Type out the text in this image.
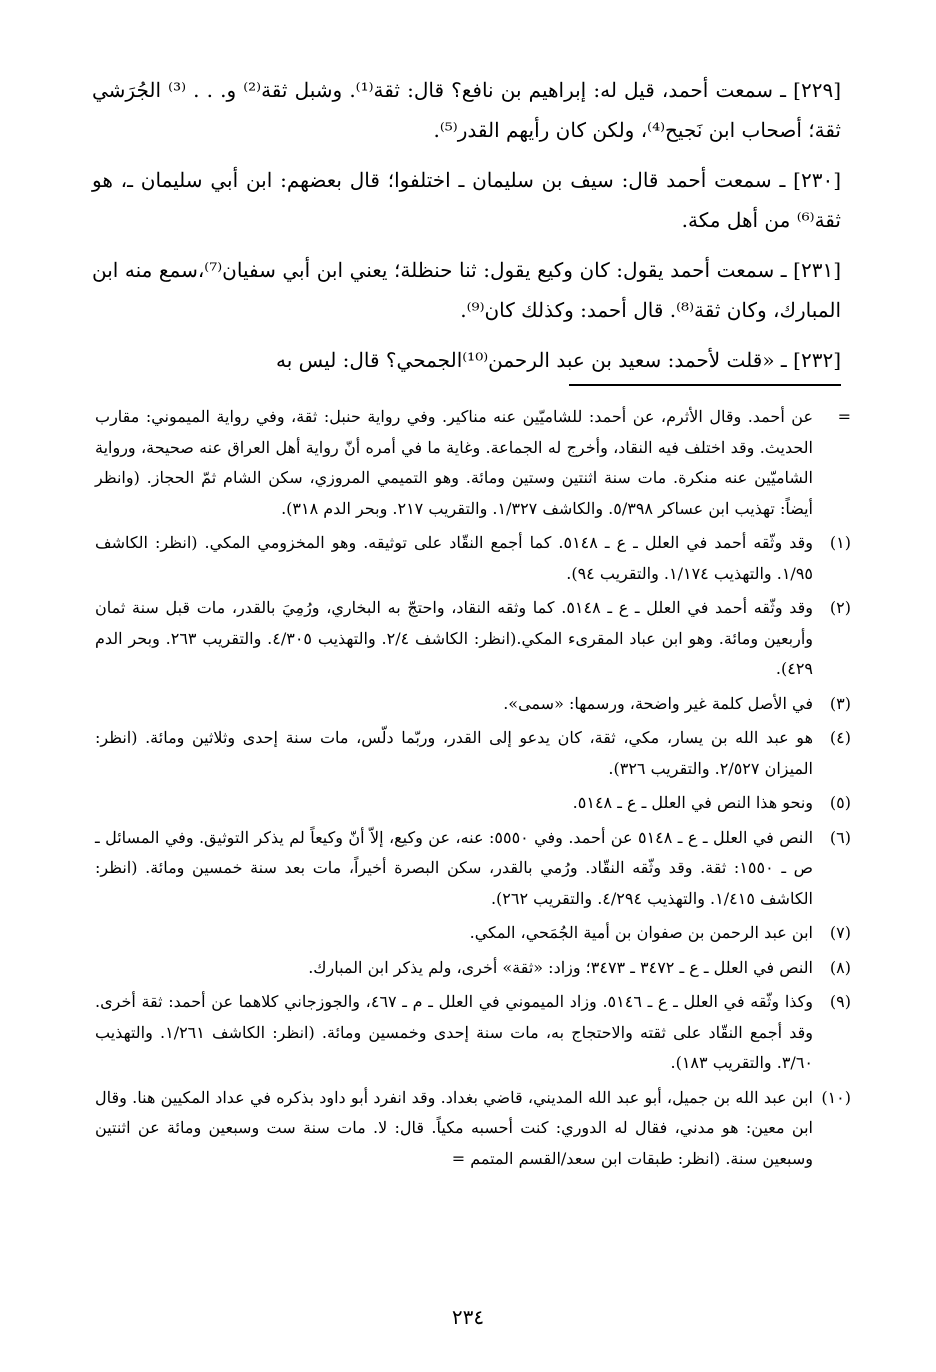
[٢٢٩] ـ سمعت أحمد، قيل له: إبراهيم بن نافع؟ قال: ثقة⁽¹⁾. وشبل ثقة⁽²⁾ و. . . ⁽³⁾ الجُرَشي ثقة؛ أصحاب ابن نَجيح⁽⁴⁾، ولكن كان رأيهم القدر⁽⁵⁾.

[٢٣٠] ـ سمعت أحمد قال: سيف بن سليمان ـ اختلفوا؛ قال بعضهم: ابن أبي سليمان ـ، هو ثقة⁽⁶⁾ من أهل مكة.

[٢٣١] ـ سمعت أحمد يقول: كان وكيع يقول: ثنا حنظلة؛ يعني ابن أبي سفيان⁽⁷⁾،سمع منه ابن المبارك، وكان ثقة⁽⁸⁾. قال أحمد: وكذلك كان⁽⁹⁾.

[٢٣٢] ـ «قلت لأحمد: سعيد بن عبد الرحمن⁽¹⁰⁾الجمحي؟ قال: ليس به

=
عن أحمد. وقال الأثرم، عن أحمد: للشاميّين عنه مناكير. وفي رواية حنبل: ثقة، وفي رواية الميموني: مقارب الحديث. وقد اختلف فيه النقاد، وأخرج له الجماعة. وغاية ما في أمره أنّ رواية أهل العراق عنه صحيحة، ورواية الشاميّين عنه منكرة. مات سنة اثنتين وستين ومائة. وهو التميمي المروزي، سكن الشام ثمّ الحجاز. (وانظر أيضاً: تهذيب ابن عساكر ٥/٣٩٨. والكاشف ١/٣٢٧. والتقريب ٢١٧. وبحر الدم ٣١٨).
(١)
وقد وثّقه أحمد في العلل ـ ع ـ ٥١٤٨. كما أجمع النقّاد على توثيقه. وهو المخزومي المكي. (انظر: الكاشف ١/٩٥. والتهذيب ١/١٧٤. والتقريب ٩٤).
(٢)
وقد وثّقه أحمد في العلل ـ ع ـ ٥١٤٨. كما وثقه النقاد، واحتجّ به البخاري، ورُمِيَ بالقدر، مات قبل سنة ثمان وأربعين ومائة. وهو ابن عباد المقرىء المكي.(انظر: الكاشف ٢/٤. والتهذيب ٤/٣٠٥. والتقريب ٢٦٣. وبحر الدم ٤٢٩).
(٣)
في الأصل كلمة غير واضحة، ورسمها: «سمى».
(٤)
هو عبد الله بن يسار، مكي، ثقة، كان يدعو إلى القدر، وربّما دلّس، مات سنة إحدى وثلاثين ومائة. (انظر: الميزان ٢/٥٢٧. والتقريب ٣٢٦).
(٥)
ونحو هذا النص في العلل ـ ع ـ ٥١٤٨.
(٦)
النص في العلل ـ ع ـ ٥١٤٨ عن أحمد. وفي ٥٥٥٠: عنه، عن وكيع، إلاّ أنّ وكيعاً لم يذكر التوثيق. وفي المسائل ـ ص ـ ١٥٥٠: ثقة. وقد وثّقه النقّاد. ورُمي بالقدر، سكن البصرة أخيراً، مات بعد سنة خمسين ومائة. (انظر: الكاشف ١/٤١٥. والتهذيب ٤/٢٩٤. والتقريب ٢٦٢).
(٧)
ابن عبد الرحمن بن صفوان بن أمية الجُمَحي، المكي.
(٨)
النص في العلل ـ ع ـ ٣٤٧٢ ـ ٣٤٧٣؛ وزاد: «ثقة» أخرى، ولم يذكر ابن المبارك.
(٩)
وكذا وثّقه في العلل ـ ع ـ ٥١٤٦. وزاد الميموني في العلل ـ م ـ ٤٦٧، والجوزجاني كلاهما عن أحمد: ثقة أخرى. وقد أجمع النقّاد على ثقته والاحتجاج به، مات سنة إحدى وخمسين ومائة. (انظر: الكاشف ١/٢٦١. والتهذيب ٣/٦٠. والتقريب ١٨٣).
(١٠)
ابن عبد الله بن جميل، أبو عبد الله المديني، قاضي بغداد. وقد انفرد أبو داود بذكره في عداد المكيين هنا. وقال ابن معين: هو مدني، فقال له الدوري: كنت أحسبه مكياً. قال: لا. مات سنة ست وسبعين ومائة عن اثنتين وسبعين سنة. (انظر: طبقات ابن سعد/القسم المتمم =
٢٣٤
